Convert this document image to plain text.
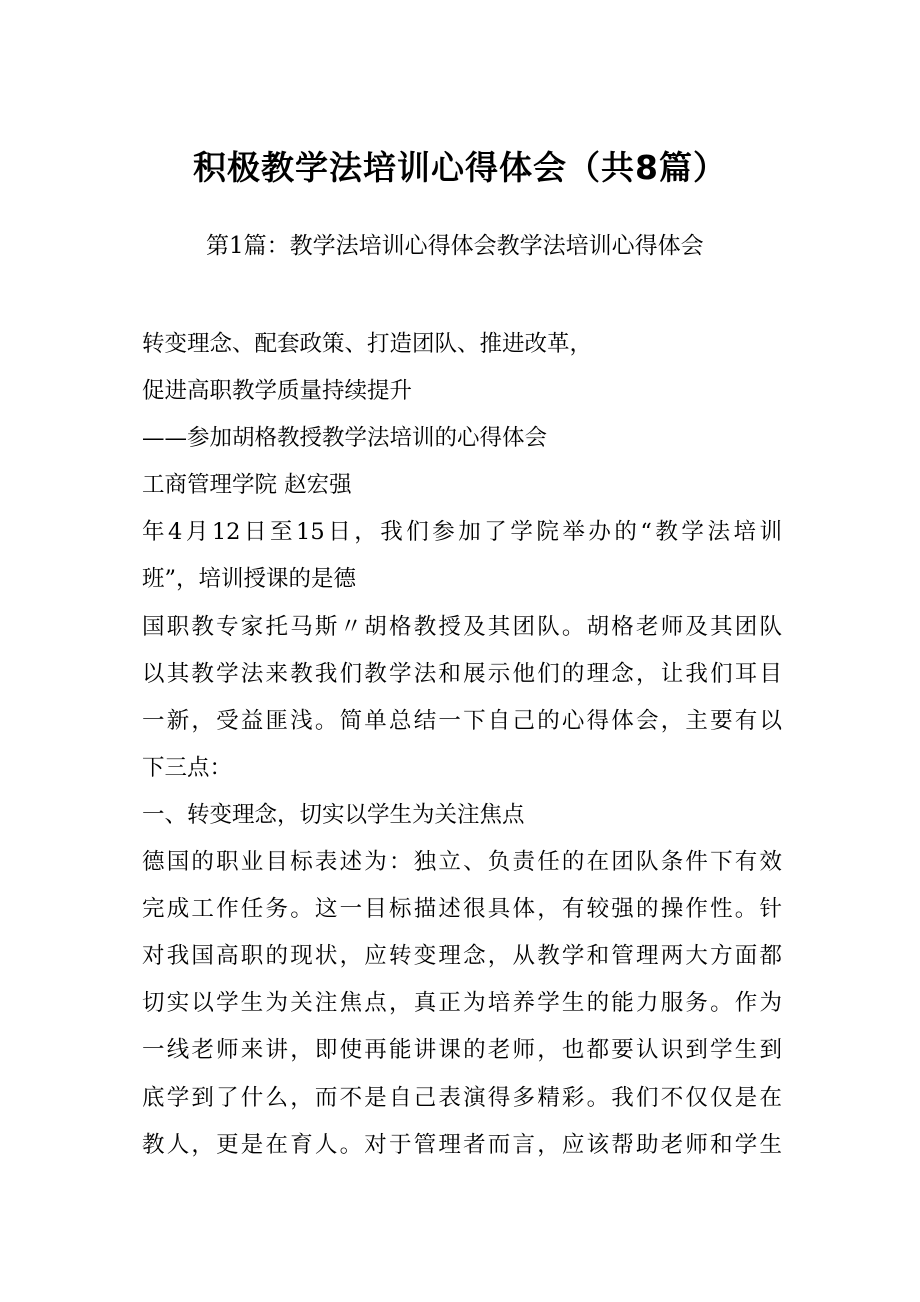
积极教学法培训心得体会（共8篇）

第1篇：教学法培训心得体会教学法培训心得体会

转变理念、配套政策、打造团队、推进改革，

促进高职教学质量持续提升

——参加胡格教授教学法培训的心得体会

工商管理学院 赵宏强

年4月12日至15日，我们参加了学院举办的“教学法培训

班”，培训授课的是德

国职教专家托马斯〃胡格教授及其团队。胡格老师及其团队

以其教学法来教我们教学法和展示他们的理念，让我们耳目

一新，受益匪浅。简单总结一下自己的心得体会，主要有以

下三点：

一、转变理念，切实以学生为关注焦点

德国的职业目标表述为：独立、负责任的在团队条件下有效

完成工作任务。这一目标描述很具体，有较强的操作性。针

对我国高职的现状，应转变理念，从教学和管理两大方面都

切实以学生为关注焦点，真正为培养学生的能力服务。作为

一线老师来讲，即使再能讲课的老师，也都要认识到学生到

底学到了什么，而不是自己表演得多精彩。我们不仅仅是在

教人，更是在育人。对于管理者而言，应该帮助老师和学生
